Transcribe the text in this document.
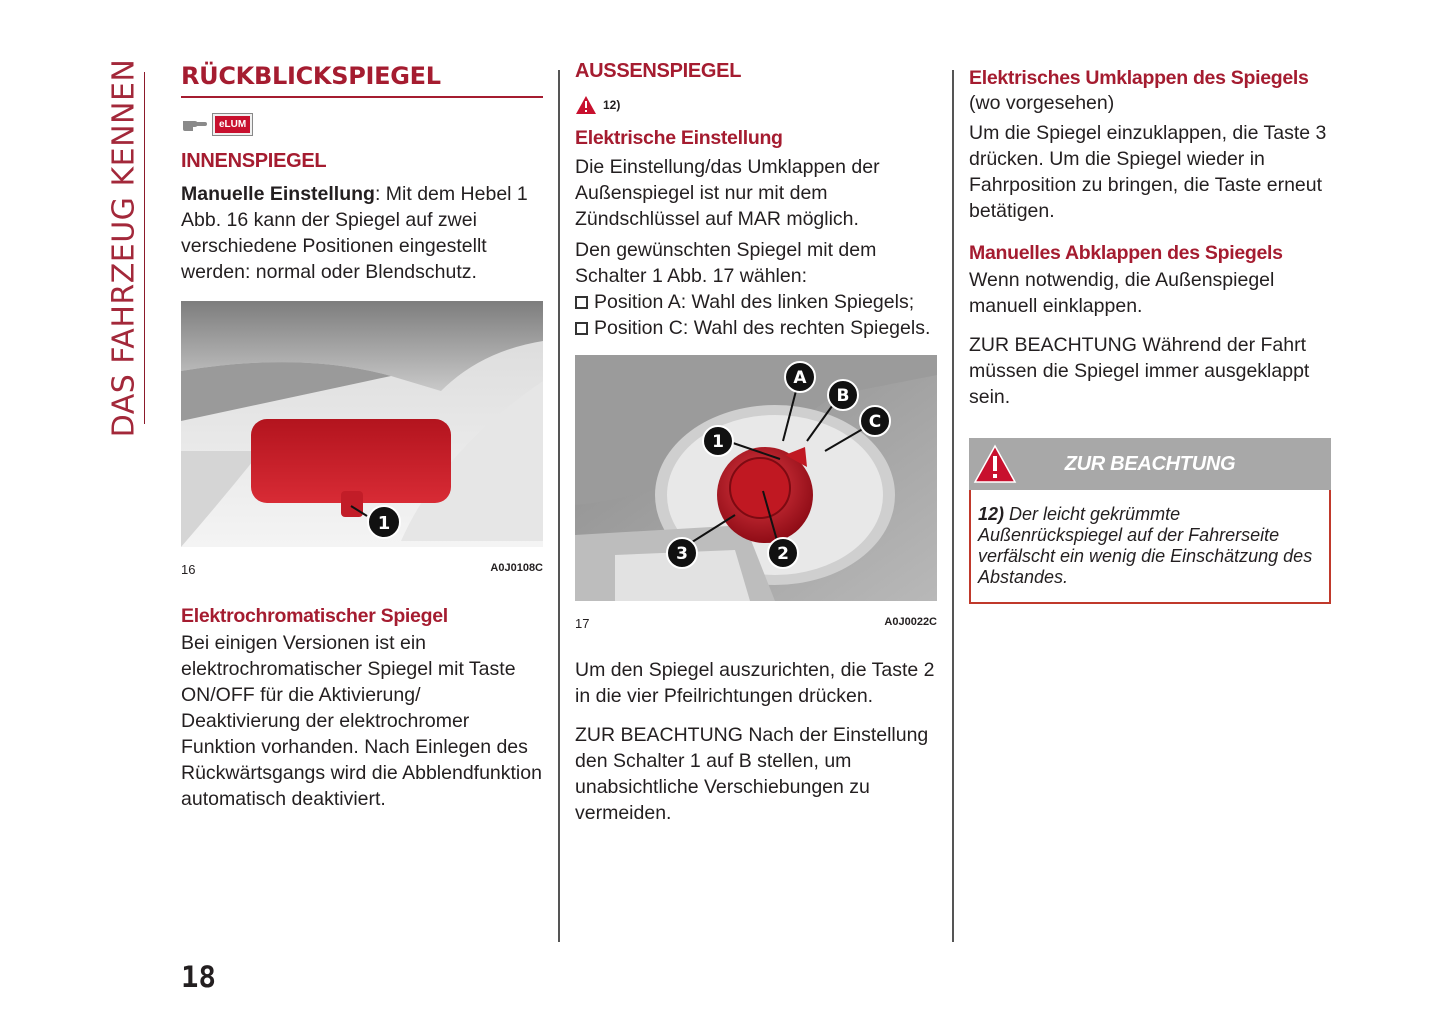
DAS FAHRZEUG KENNEN RÜCKBLICKSPIEGEL
eLUM
INNENSPIEGEL

Manuelle Einstellung: Mit dem Hebel 1 Abb. 16 kann der Spiegel auf zwei verschiedene Positionen eingestellt werden: normal oder Blendschutz.

1
16	A0J0108C
Elektrochromatischer Spiegel

Bei einigen Versionen ist ein elektrochromatischer Spiegel mit Taste ON/OFF für die Aktivierung/ Deaktivierung der elektrochromer Funktion vorhanden. Nach Einlegen des Rückwärtsgangs wird die Abblendfunktion automatisch deaktiviert.

AUSSENSPIEGEL
12)
Elektrische Einstellung

Die Einstellung/das Umklappen der Außenspiegel ist nur mit dem Zündschlüssel auf MAR möglich.

Den gewünschten Spiegel mit dem Schalter 1 Abb. 17 wählen:

Position A: Wahl des linken Spiegels;
Position C: Wahl des rechten Spiegels.
A
B
C
1
2
3
17	A0J0022C

Um den Spiegel auszurichten, die Taste 2 in die vier Pfeilrichtungen drücken.

ZUR BEACHTUNG Nach der Einstellung den Schalter 1 auf B stellen, um unabsichtliche Verschiebungen zu vermeiden.

Elektrisches Umklappen des Spiegels

(wo vorgesehen)

Um die Spiegel einzuklappen, die Taste 3 drücken. Um die Spiegel wieder in Fahrposition zu bringen, die Taste erneut betätigen.

Manuelles Abklappen des Spiegels

Wenn notwendig, die Außenspiegel manuell einklappen.

ZUR BEACHTUNG Während der Fahrt müssen die Spiegel immer ausgeklappt sein.

ZUR BEACHTUNG
12) Der leicht gekrümmte Außenrückspiegel auf der Fahrerseite verfälscht ein wenig die Einschätzung des Abstandes.
18
